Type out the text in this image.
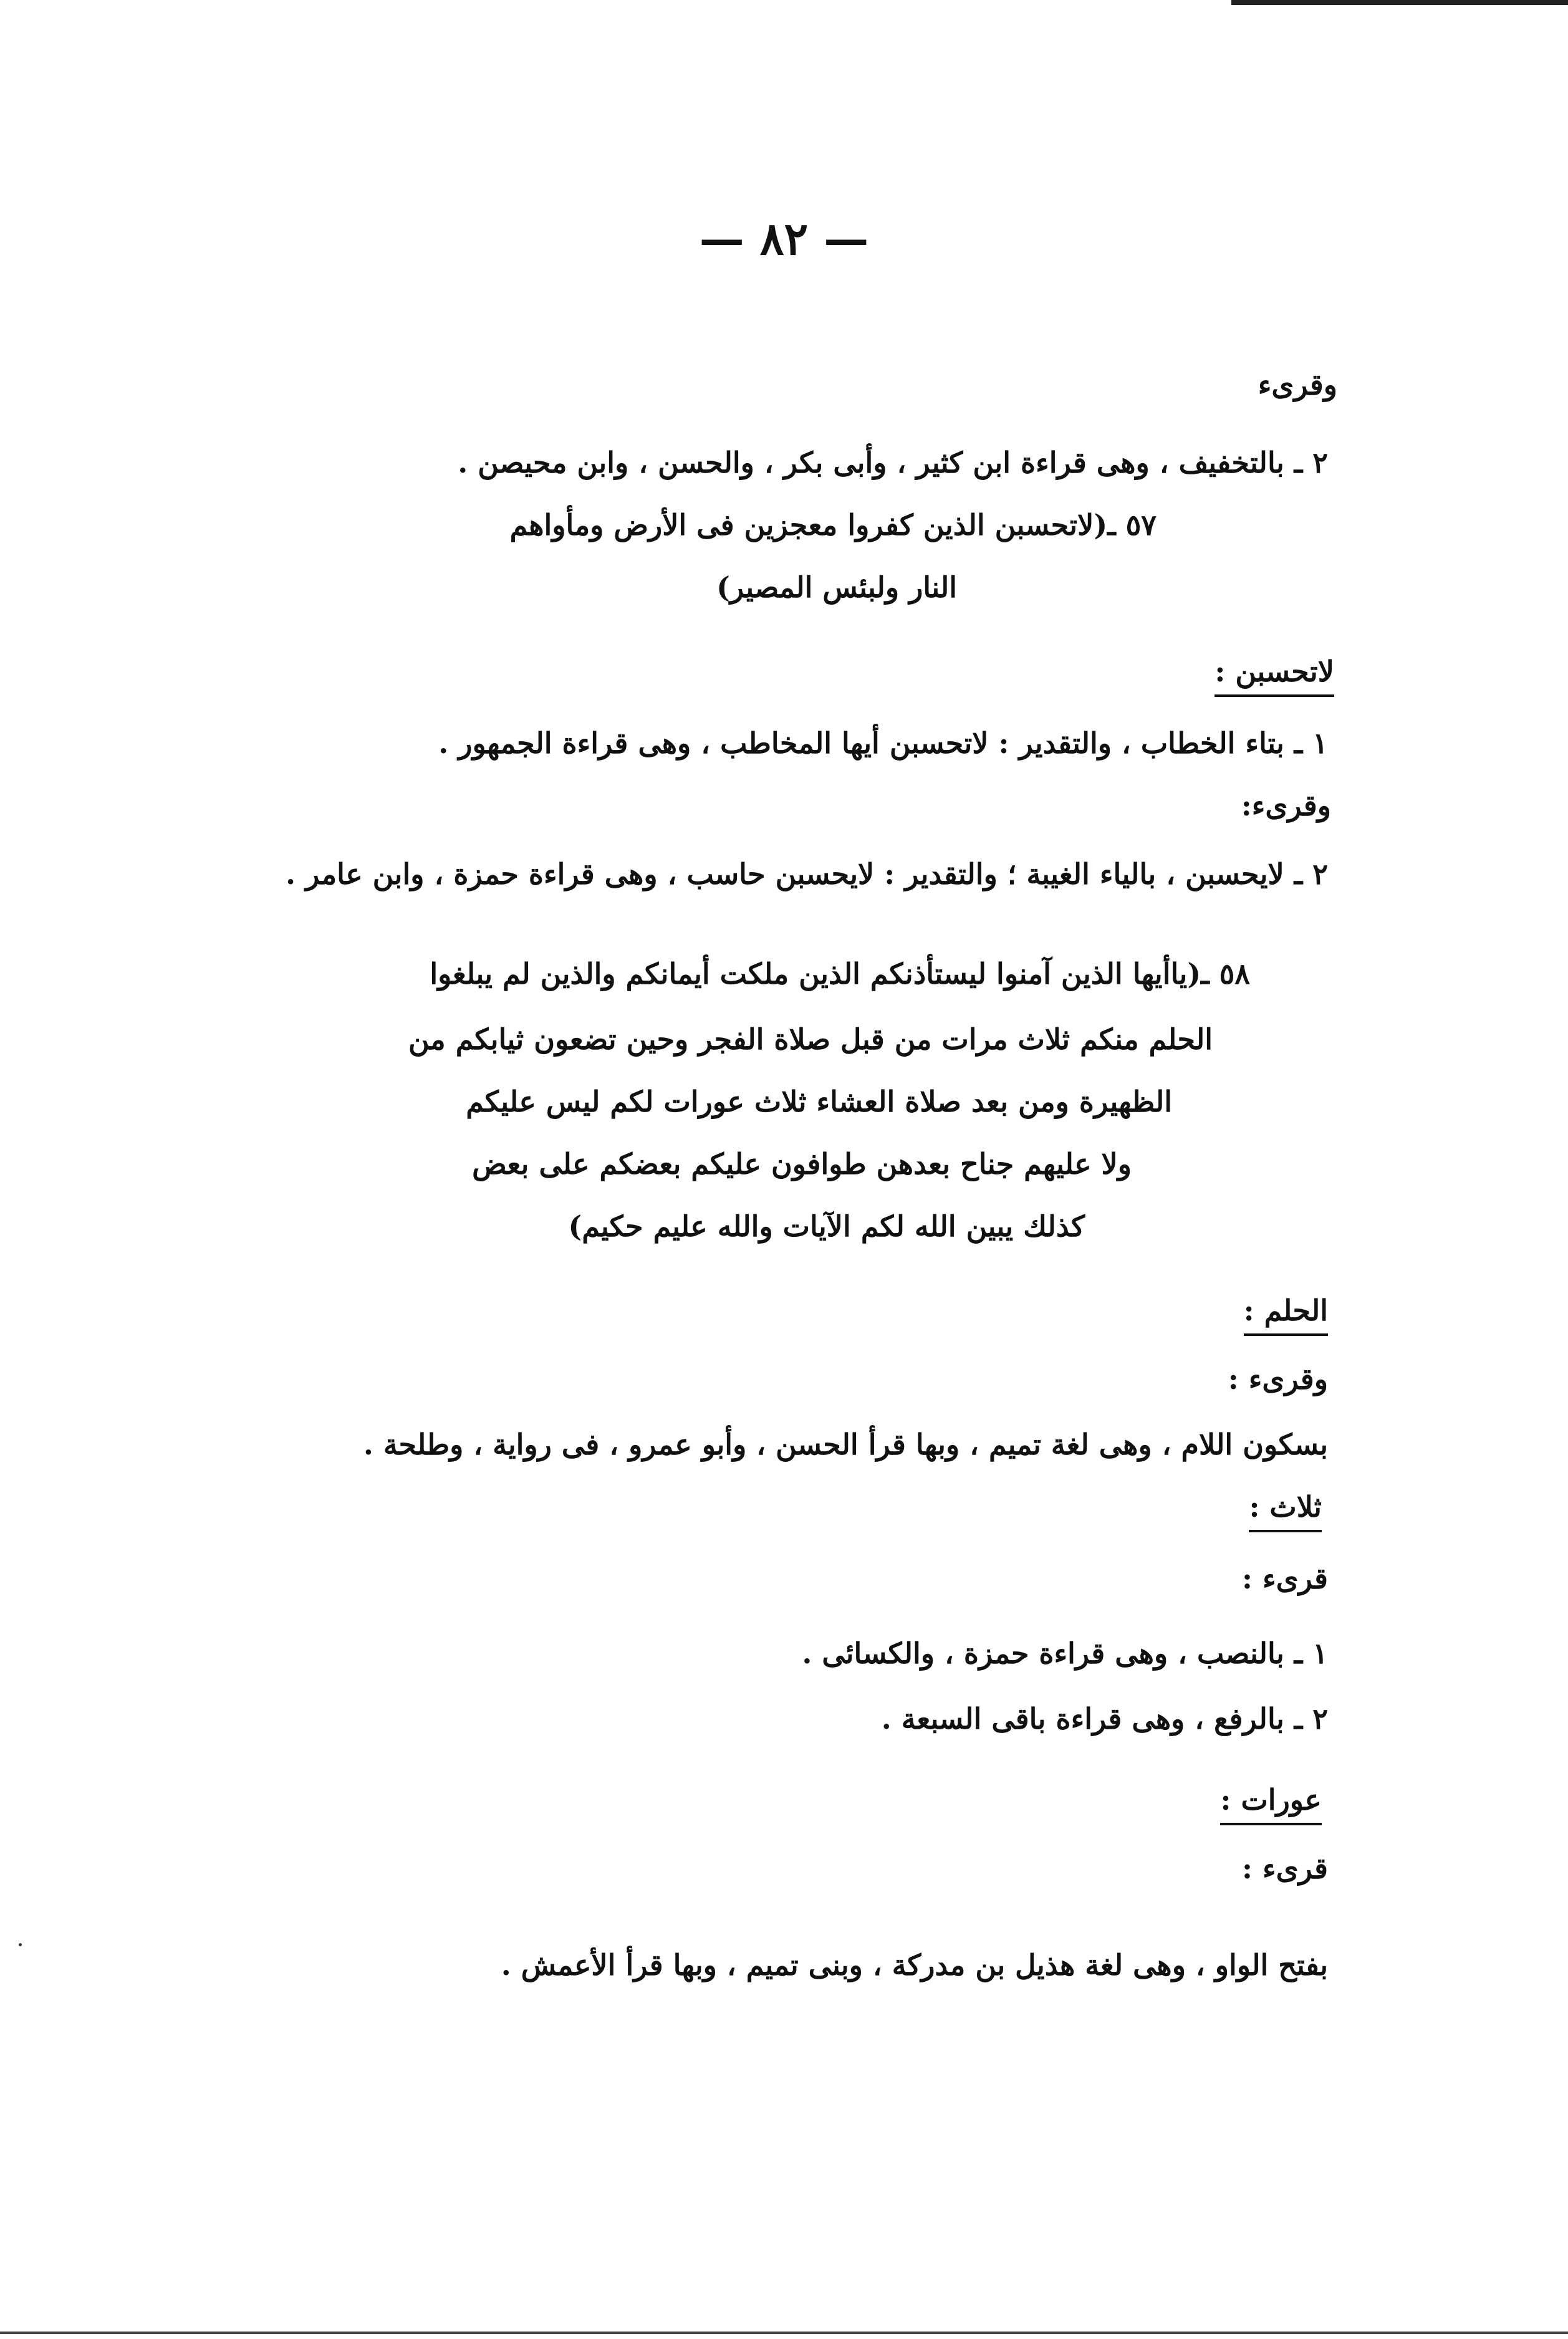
— ٨٢ —
وقرىء
٢ ـ بالتخفيف ، وهى قراءة ابن كثير ، وأبى بكر ، والحسن ، وابن محيصن .
٥٧ ـ(لاتحسبن الذين كفروا معجزين فى الأرض ومأواهم
النار ولبئس المصير)
لاتحسبن :
١ ـ بتاء الخطاب ، والتقدير : لاتحسبن أيها المخاطب ، وهى قراءة الجمهور .
وقرىء:
٢ ـ لايحسبن ، بالياء الغيبة ؛ والتقدير : لايحسبن حاسب ، وهى قراءة حمزة ، وابن عامر .
٥٨ ـ(ياأيها الذين آمنوا ليستأذنكم الذين ملكت أيمانكم والذين لم يبلغوا
الحلم منكم ثلاث مرات من قبل صلاة الفجر وحين تضعون ثيابكم من
الظهيرة ومن بعد صلاة العشاء ثلاث عورات لكم ليس عليكم
ولا عليهم جناح بعدهن طوافون عليكم بعضكم على بعض
كذلك يبين الله لكم الآيات والله عليم حكيم)
الحلم :
وقرىء :
بسكون اللام ، وهى لغة تميم ، وبها قرأ الحسن ، وأبو عمرو ، فى رواية ، وطلحة .
ثلاث :
قرىء :
١ ـ بالنصب ، وهى قراءة حمزة ، والكسائى .
٢ ـ بالرفع ، وهى قراءة باقى السبعة .
عورات :
قرىء :
بفتح الواو ، وهى لغة هذيل بن مدركة ، وبنى تميم ، وبها قرأ الأعمش .
